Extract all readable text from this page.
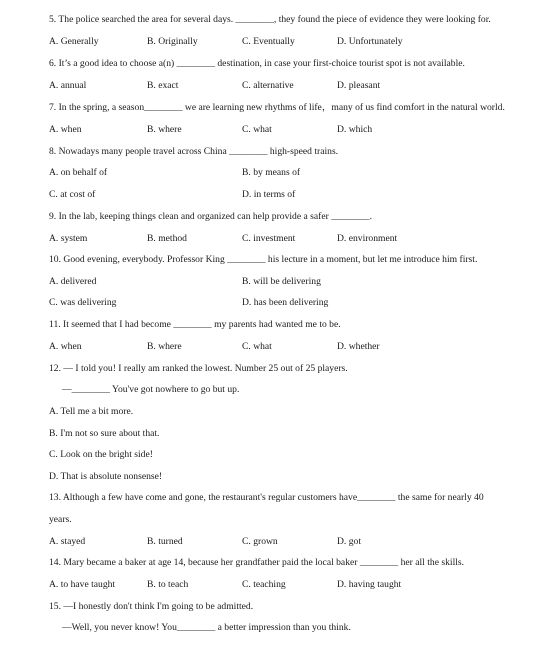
5. The police searched the area for several days. ________, they found the piece of evidence they were looking for.
A. Generally	B. Originally	C. Eventually	D. Unfortunately
6. It’s a good idea to choose a(n) ________ destination, in case your first-choice tourist spot is not available.
A. annual	B. exact	C. alternative	D. pleasant
7. In the spring, a season________ we are learning new rhythms of life，many of us find comfort in the natural world.
A. when	B. where	C. what	D. which
8. Nowadays many people travel across China ________ high-speed trains.
A. on behalf of	B. by means of
C. at cost of	D. in terms of
9. In the lab, keeping things clean and organized can help provide a safer ________.
A. system	B. method	C. investment	D. environment
10. Good evening, everybody. Professor King ________ his lecture in a moment, but let me introduce him first.
A. delivered	B. will be delivering
C. was delivering	D. has been delivering
11. It seemed that I had become ________ my parents had wanted me to be.
A. when	B. where	C. what	D. whether
12. — I told you! I really am ranked the lowest. Number 25 out of 25 players.
—________ You've got nowhere to go but up.
A. Tell me a bit more.
B. I'm not so sure about that.
C. Look on the bright side!
D. That is absolute nonsense!
13. Although a few have come and gone, the restaurant's regular customers have________ the same for nearly 40
years.
A. stayed	B. turned	C. grown	D. got
14. Mary became a baker at age 14, because her grandfather paid the local baker ________ her all the skills.
A. to have taught	B. to teach	C. teaching	D. having taught
15. —I honestly don't think I'm going to be admitted.
—Well, you never know! You________ a better impression than you think.
